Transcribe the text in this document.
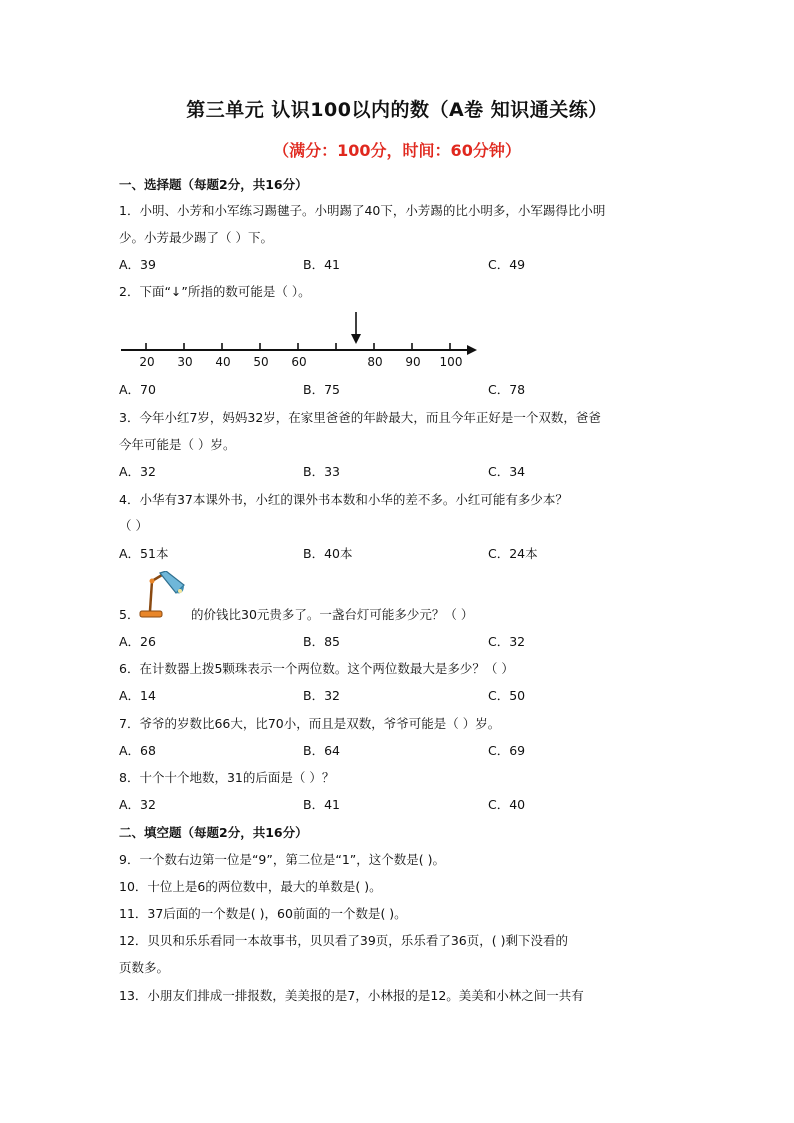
第三单元 认识100以内的数（A卷 知识通关练）
（满分：100分，时间：60分钟）
一、选择题（每题2分，共16分）
1．小明、小芳和小军练习踢毽子。小明踢了40下，小芳踢的比小明多，小军踢得比小明
少。小芳最少踢了（ ）下。
A．39	B．41	C．49
2．下面“↓”所指的数可能是（ ）。
20 30 40 50 60	80 90 100
A．70	B．75	C．78
3．今年小红7岁，妈妈32岁，在家里爸爸的年龄最大，而且今年正好是一个双数，爸爸
今年可能是（ ）岁。
A．32	B．33	C．34
4．小华有37本课外书，小红的课外书本数和小华的差不多。小红可能有多少本？
（ ）
A．51本	B．40本	C．24本
5．	的价钱比30元贵多了。一盏台灯可能多少元？（ ）
A．26	B．85	C．32
6．在计数器上拨5颗珠表示一个两位数。这个两位数最大是多少？（ ）
A．14	B．32	C．50
7．爷爷的岁数比66大，比70小，而且是双数，爷爷可能是（ ）岁。
A．68	B．64	C．69
8．十个十个地数，31的后面是（ ）？
A．32	B．41	C．40
二、填空题（每题2分，共16分）
9．一个数右边第一位是“9”，第二位是“1”，这个数是( )。
10．十位上是6的两位数中，最大的单数是( )。
11．37后面的一个数是( )，60前面的一个数是( )。
12．贝贝和乐乐看同一本故事书，贝贝看了39页，乐乐看了36页，( )剩下没看的
页数多。
13．小朋友们排成一排报数，美美报的是7，小林报的是12。美美和小林之间一共有
